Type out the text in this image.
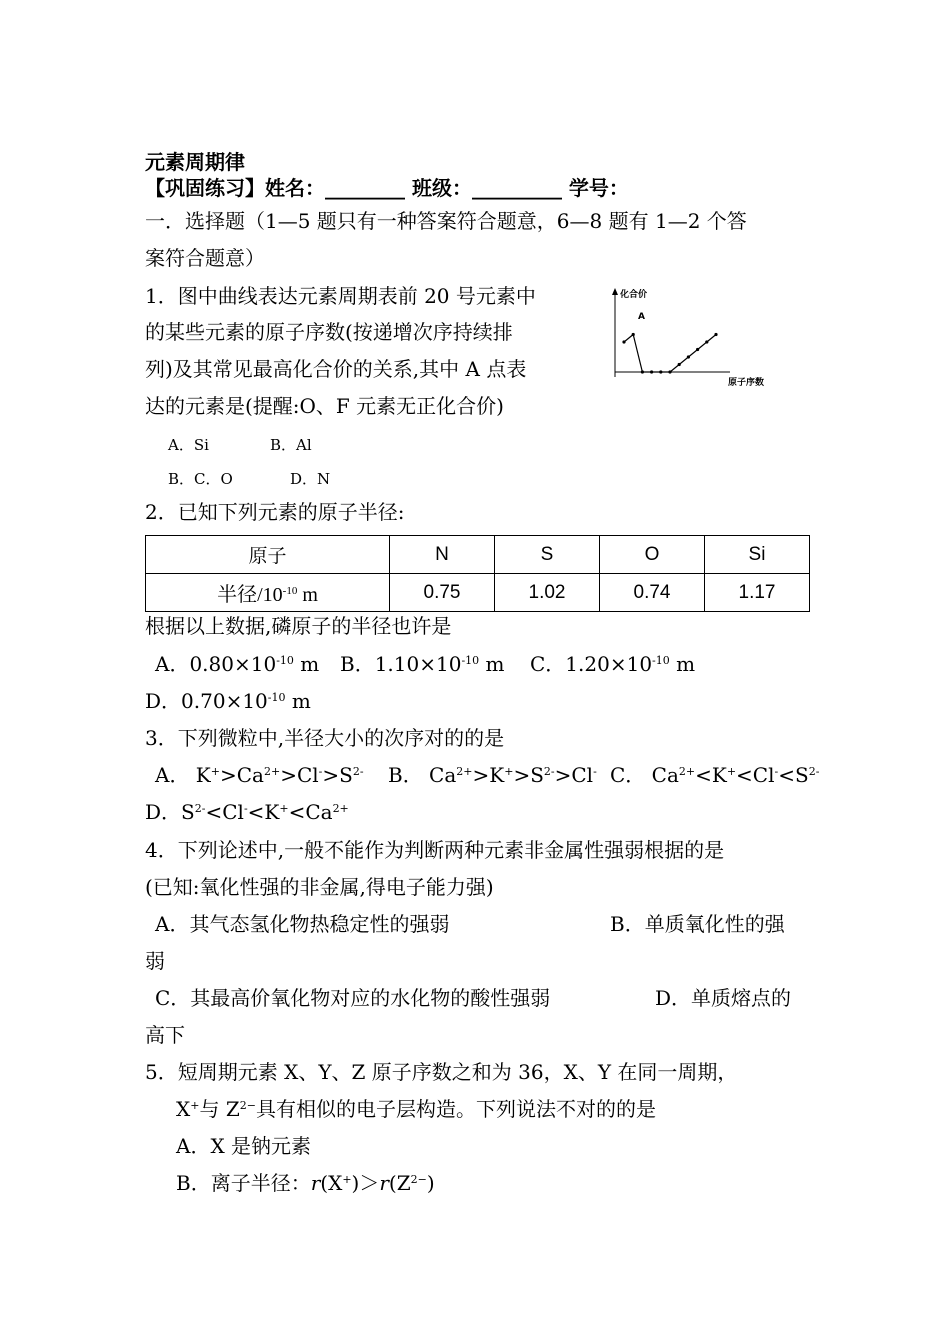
元素周期律
【巩固练习】姓名：________ 班级：_________ 学号：
一．选择题（1—5 题只有一种答案符合题意，6—8 题有 1—2 个答
案符合题意）
1．图中曲线表达元素周期表前 20 号元素中
的某些元素的原子序数(按递增次序持续排
列)及其常见最高化合价的关系,其中 A 点表
达的元素是(提醒:O、F 元素无正化合价)
A．Si	B．Al
B．C．O	D．N
化合价
原子序数
A
2．已知下列元素的原子半径:
原子	N	S	O	Si
半径$/10^{-10}$ m	0.75	1.02	0.74	1.17
根据以上数据,磷原子的半径也许是
A．$0.80\times 10^{-10}$ m B．$1.10\times 10^{-10}$ m C．$1.20\times 10^{-10}$ m
D．$0.70\times 10^{-10}$ m
3．下列微粒中,半径大小的次序对的的是
A． $K^+>Ca^{2+}>Cl^->S^{2-}$ B． $Ca^{2+}>K^+>S^{2-}>Cl^-$ C． $Ca^{2+}<K^+<Cl^-<S^{2-}$
D．$S^{2-}<Cl^-<K^+<Ca^{2+}$
4．下列论述中,一般不能作为判断两种元素非金属性强弱根据的是
(已知:氧化性强的非金属,得电子能力强)
A．其气态氢化物热稳定性的强弱	B．单质氧化性的强
弱
C．其最高价氧化物对应的水化物的酸性强弱	D．单质熔点的
高下
5．短周期元素 X、Y、Z 原子序数之和为 36，X、Y 在同一周期，
X+与 $Z^{2-}$具有相似的电子层构造。下列说法不对的的是
A．X 是钠元素
B．离子半径：$r(X^+)>r(Z^{2-})$
